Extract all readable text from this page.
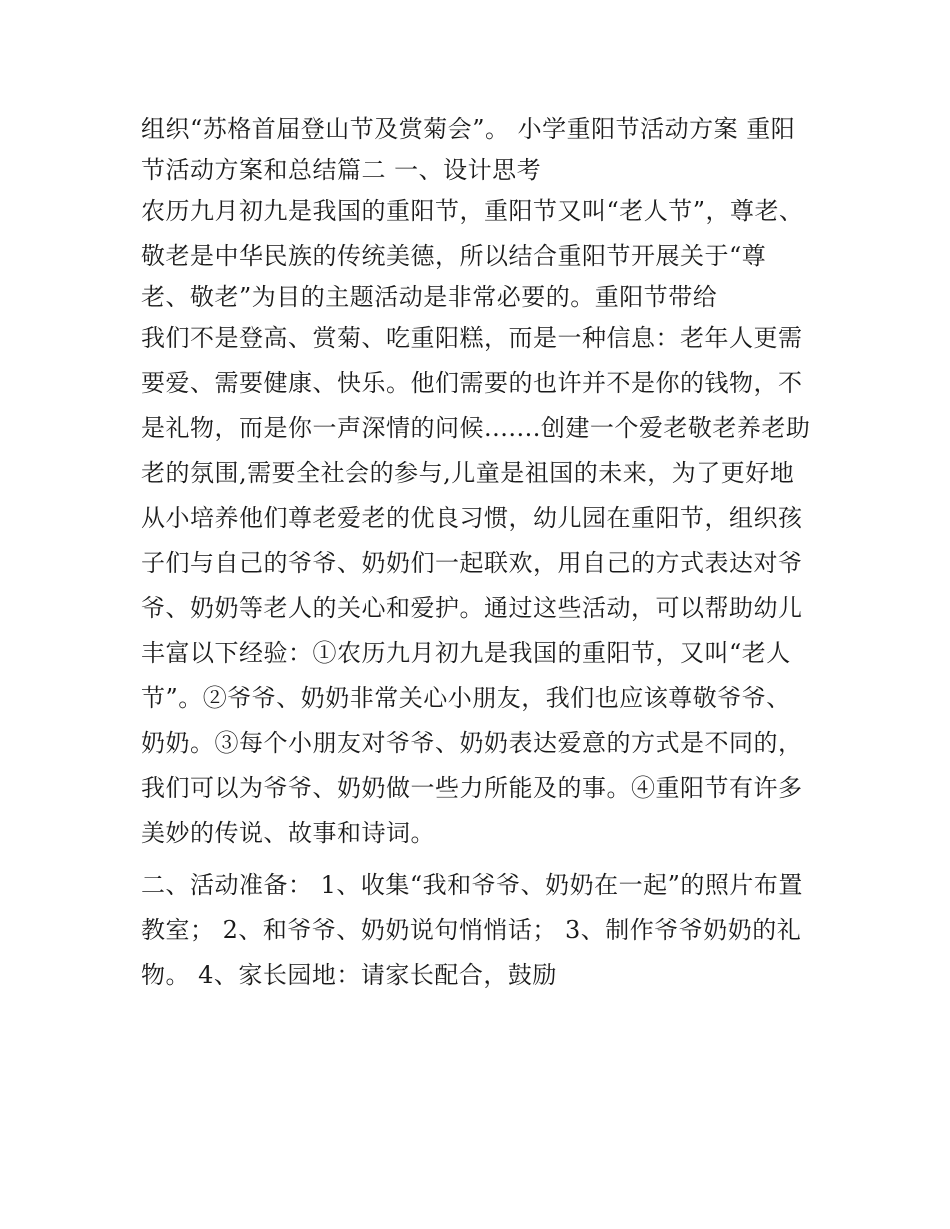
组织“苏格首届登山节及赏菊会”。 小学重阳节活动方案 重阳
节活动方案和总结篇二 一、设计思考
农历九月初九是我国的重阳节，重阳节又叫“老人节”，尊老、
敬老是中华民族的传统美德，所以结合重阳节开展关于“尊
老、敬老”为目的主题活动是非常必要的。重阳节带给
我们不是登高、赏菊、吃重阳糕，而是一种信息：老年人更需
要爱、需要健康、快乐。他们需要的也许并不是你的钱物，不
是礼物，而是你一声深情的问候.......创建一个爱老敬老养老助
老的氛围,需要全社会的参与,儿童是祖国的未来，为了更好地
从小培养他们尊老爱老的优良习惯，幼儿园在重阳节，组织孩
子们与自己的爷爷、奶奶们一起联欢，用自己的方式表达对爷
爷、奶奶等老人的关心和爱护。通过这些活动，可以帮助幼儿
丰富以下经验：①农历九月初九是我国的重阳节，又叫“老人
节”。②爷爷、奶奶非常关心小朋友，我们也应该尊敬爷爷、
奶奶。③每个小朋友对爷爷、奶奶表达爱意的方式是不同的，
我们可以为爷爷、奶奶做一些力所能及的事。④重阳节有许多
美妙的传说、故事和诗词。
二、活动准备： 1、收集“我和爷爷、奶奶在一起”的照片布置
教室； 2、和爷爷、奶奶说句悄悄话； 3、制作爷爷奶奶的礼
物。 4、家长园地：请家长配合，鼓励
